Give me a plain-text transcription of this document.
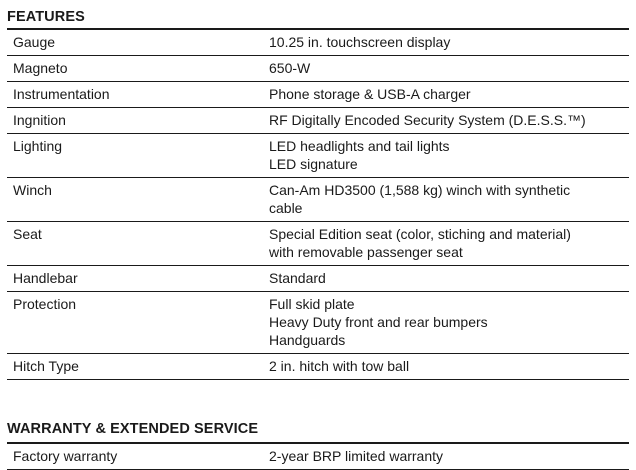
FEATURES
Gauge	10.25 in. touchscreen display

Magneto	650-W

Instrumentation	Phone storage & USB-A charger

Ingnition	RF Digitally Encoded Security System (D.E.S.S.™)

Lighting	LED headlights and tail lights
LED signature

Winch	Can-Am HD3500 (1,588 kg) winch with synthetic
cable

Seat	Special Edition seat (color, stiching and material)
with removable passenger seat

Handlebar	Standard

Protection	Full skid plate
Heavy Duty front and rear bumpers
Handguards

Hitch Type	2 in. hitch with tow ball
WARRANTY & EXTENDED SERVICE
Factory warranty	2-year BRP limited warranty
